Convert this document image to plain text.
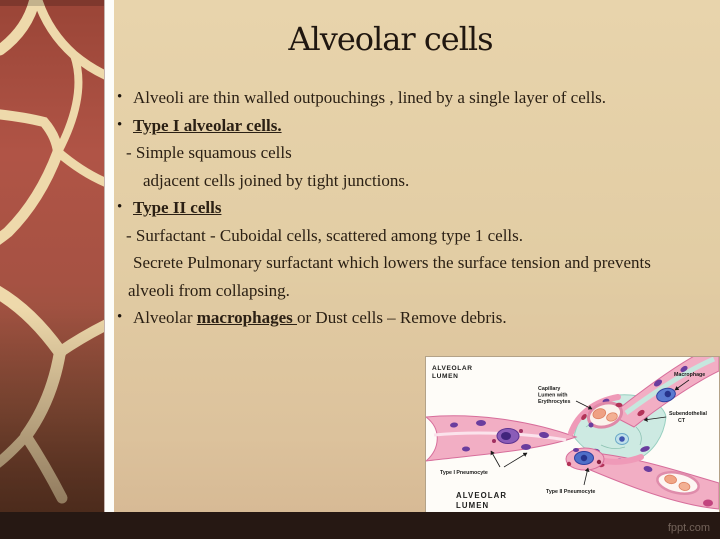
Alveolar cells
• Alveoli are thin walled outpouchings , lined by a single layer of cells.
• Type I alveolar cells.
- Simple squamous cells
adjacent cells joined by tight junctions.
• Type II cells
- Surfactant - Cuboidal cells, scattered among type 1 cells.
Secrete Pulmonary surfactant which lowers the surface tension and prevents alveoli from collapsing.
• Alveolar macrophages or Dust cells – Remove debris.
ALVEOLAR
LUMEN
Capillary
Lumen with
Erythrocytes
Macrophage
Subendothelial
CT
Type I Pneumocyte
ALVEOLAR
LUMEN
Type II Pneumocyte
fppt.com
